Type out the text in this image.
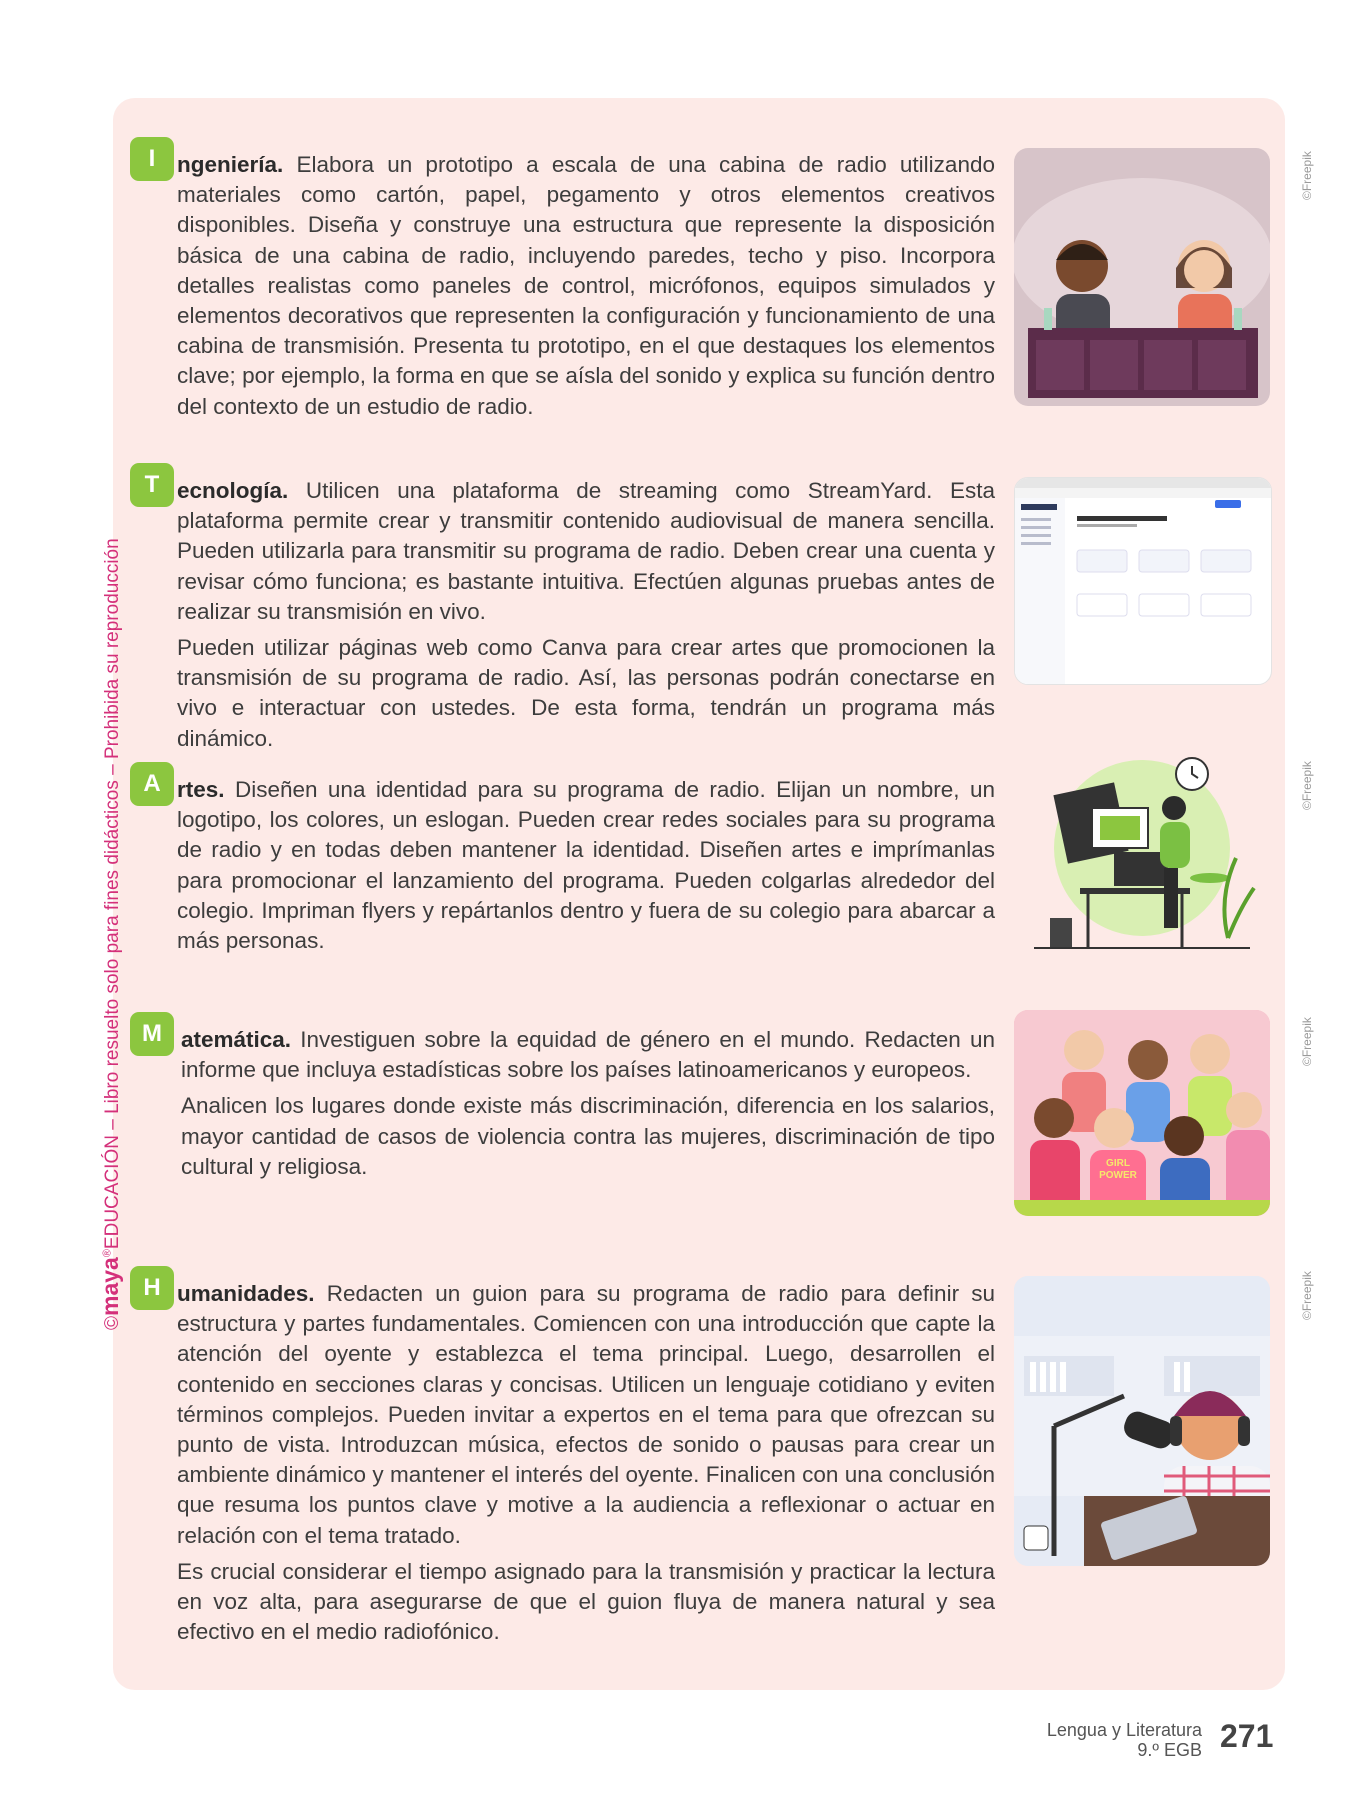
©maya®EDUCACIÓN – Libro resuelto solo para fines didácticos – Prohibida su reproducción
I ngeniería. Elabora un prototipo a escala de una cabina de radio utilizando materiales como cartón, papel, pegamento y otros elementos creativos disponibles. Diseña y construye una estructura que represente la disposición básica de una cabina de radio, incluyendo paredes, techo y piso. Incorpora detalles realistas como paneles de control, micrófonos, equipos simulados y elementos decorativos que representen la configuración y funcionamiento de una cabina de transmisión. Presenta tu prototipo, en el que destaques los elementos clave; por ejemplo, la forma en que se aísla del sonido y explica su función dentro del contexto de un estudio de radio.

©Freepik
T ecnología. Utilicen una plataforma de streaming como StreamYard. Esta plataforma permite crear y transmitir contenido audiovisual de manera sencilla. Pueden utilizarla para transmitir su programa de radio. Deben crear una cuenta y revisar cómo funciona; es bastante intuitiva. Efectúen algunas pruebas antes de realizar su transmisión en vivo.

Pueden utilizar páginas web como Canva para crear artes que promocionen la transmisión de su programa de radio. Así, las personas podrán conectarse en vivo e interactuar con ustedes. De esta forma, tendrán un programa más dinámico.

A rtes. Diseñen una identidad para su programa de radio. Elijan un nombre, un logotipo, los colores, un eslogan. Pueden crear redes sociales para su programa de radio y en todas deben mantener la identidad. Diseñen artes e imprímanlas para promocionar el lanzamiento del programa. Pueden colgarlas alrededor del colegio. Impriman flyers y repártanlos dentro y fuera de su colegio para abarcar a más personas.

©Freepik
M atemática. Investiguen sobre la equidad de género en el mundo. Redacten un informe que incluya estadísticas sobre los países latinoamericanos y europeos.

Analicen los lugares donde existe más discriminación, diferencia en los salarios, mayor cantidad de casos de violencia contra las mujeres, discriminación de tipo cultural y religiosa.	GIRL
POWER
©Freepik
H umanidades. Redacten un guion para su programa de radio para definir su estructura y partes fundamentales. Comiencen con una introducción que capte la atención del oyente y establezca el tema principal. Luego, desarrollen el contenido en secciones claras y concisas. Utilicen un lenguaje cotidiano y eviten términos complejos. Pueden invitar a expertos en el tema para que ofrezcan su punto de vista. Introduzcan música, efectos de sonido o pausas para crear un ambiente dinámico y mantener el interés del oyente. Finalicen con una conclusión que resuma los puntos clave y motive a la audiencia a reflexionar o actuar en relación con el tema tratado.

Es crucial considerar el tiempo asignado para la transmisión y practicar la lectura en voz alta, para asegurarse de que el guion fluya de manera natural y sea efectivo en el medio radiofónico.

©Freepik
Lengua y Literatura
9.º EGB 271
